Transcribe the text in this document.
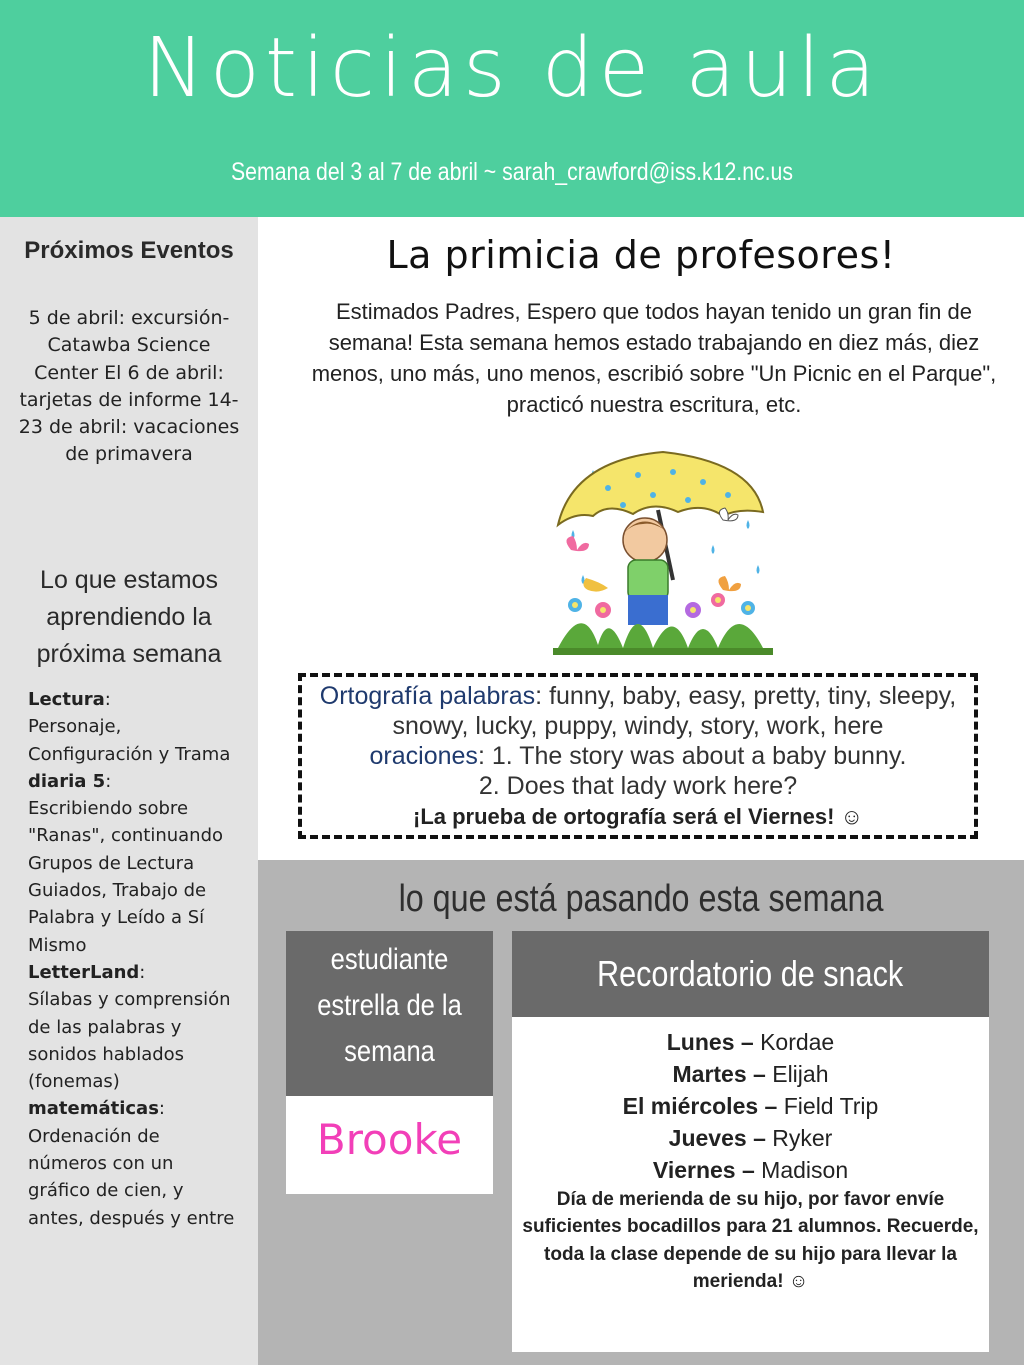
Noticias de aula
Semana del 3 al 7 de abril ~ sarah_crawford@iss.k12.nc.us
Próximos Eventos
5 de abril: excursión-Catawba Science Center El 6 de abril: tarjetas de informe 14-23 de abril: vacaciones de primavera
Lo que estamos aprendiendo la próxima semana
Lectura:
Personaje, Configuración y Trama
diaria 5:
Escribiendo sobre "Ranas", continuando Grupos de Lectura Guiados, Trabajo de Palabra y Leído a Sí Mismo
LetterLand:
Sílabas y comprensión de las palabras y sonidos hablados (fonemas)
matemáticas:
Ordenación de números con un gráfico de cien, y antes, después y entre
La primicia de profesores!
Estimados Padres, Espero que todos hayan tenido un gran fin de semana! Esta semana hemos estado trabajando en diez más, diez menos, uno más, uno menos, escribió sobre "Un Picnic en el Parque", practicó nuestra escritura, etc.

Ortografía palabras: funny, baby, easy, pretty, tiny, sleepy, snowy, lucky, puppy, windy, story, work, here

oraciones: 1. The story was about a baby bunny.

2. Does that lady work here?

¡La prueba de ortografía será el Viernes! ☺

lo que está pasando esta semana
estudiante estrella de la semana
Brooke
Recordatorio de snack
Lunes – Kordae
Martes – Elijah
El miércoles – Field Trip
Jueves – Ryker
Viernes – Madison
Día de merienda de su hijo, por favor envíe suficientes bocadillos para 21 alumnos. Recuerde, toda la clase depende de su hijo para llevar la merienda! ☺
